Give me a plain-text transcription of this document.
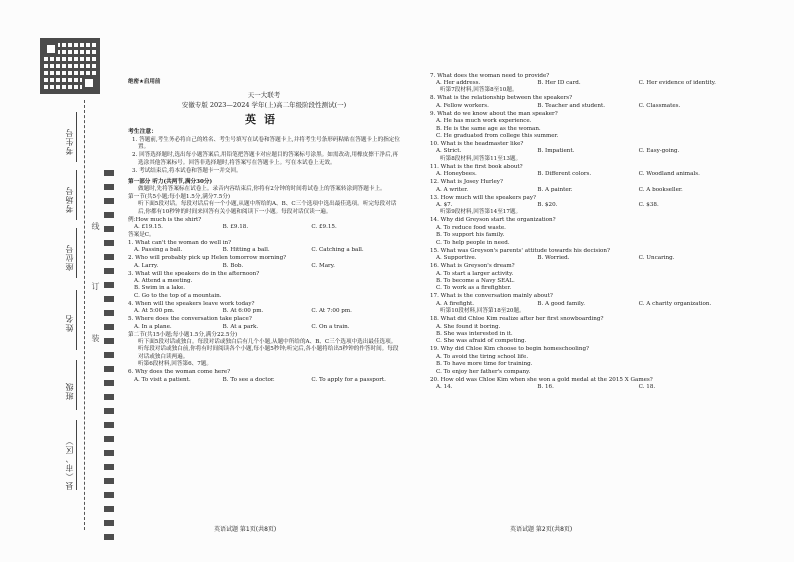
考生号
考场号
座位号
姓名
班级
县（市、区）
线
订
装
绝密★启用前
天一大联考
安徽专版 2023—2024 学年(上)高二年级阶段性测试(一)
英语
考生注意：
1. 答题前,考生务必将自己的姓名、考生号填写在试卷和答题卡上,并将考生号条形码粘贴在答题卡上的指定位置。
2. 回答选择题时,选出每小题答案后,用铅笔把答题卡对应题目的答案标号涂黑。如需改动,用橡皮擦干净后,再选涂其他答案标号。回答非选择题时,将答案写在答题卡上。写在本试卷上无效。
3. 考试结束后,将本试卷和答题卡一并交回。
第一部分 听力(共两节,满分30分)
做题时,先将答案标在试卷上。录音内容结束后,你将有2分钟的时间将试卷上的答案转涂到答题卡上。
第一节(共5小题;每小题1.5分,满分7.5分)
听下面5段对话。每段对话后有一个小题,从题中所给的A、B、C三个选项中选出最佳选项。听完每段对话后,你都有10秒钟的时间来回答有关小题和阅读下一小题。每段对话仅读一遍。
例:How much is the shirt?
A. £19.15.	B. £9.18.	C. £9.15.
答案是C。
1. What can't the woman do well in?
A. Passing a ball.	B. Hitting a ball.	C. Catching a ball.
2. Who will probably pick up Helen tomorrow morning?
A. Larry.	B. Bob.	C. Mary.
3. What will the speakers do in the afternoon?
A. Attend a meeting.
B. Swim in a lake.
C. Go to the top of a mountain.
4. When will the speakers leave work today?
A. At 5:00 pm.	B. At 6:00 pm.	C. At 7:00 pm.
5. Where does the conversation take place?
A. In a plane.	B. At a park.	C. On a train.
第二节(共15小题;每小题1.5分,满分22.5分)
听下面5段对话或独白。每段对话或独白后有几个小题,从题中所给的A、B、C三个选项中选出最佳选项。听每段对话或独白前,你将有时间阅读各个小题,每小题5秒钟;听完后,各小题将给出5秒钟的作答时间。每段对话或独白读两遍。
听第6段材料,回答第6、7题。
6. Why does the woman come here?
A. To visit a patient.	B. To see a doctor.	C. To apply for a passport.
7. What does the woman need to provide?
A. Her address.	B. Her ID card.	C. Her evidence of identity.
听第7段材料,回答第8至10题。
8. What is the relationship between the speakers?
A. Fellow workers.	B. Teacher and student.	C. Classmates.
9. What do we know about the man speaker?
A. He has much work experience.
B. He is the same age as the woman.
C. He graduated from college this summer.
10. What is the headmaster like?
A. Strict.	B. Impatient.	C. Easy-going.
听第8段材料,回答第11至13题。
11. What is the first book about?
A. Honeybees.	B. Different colors.	C. Woodland animals.
12. What is Josey Hurley?
A. A writer.	B. A painter.	C. A bookseller.
13. How much will the speakers pay?
A. $7.	B. $20.	C. $38.
听第9段材料,回答第14至17题。
14. Why did Greyson start the organization?
A. To reduce food waste.
B. To support his family.
C. To help people in need.
15. What was Greyson's parents' attitude towards his decision?
A. Supportive.	B. Worried.	C. Uncaring.
16. What is Greyson's dream?
A. To start a larger activity.
B. To become a Navy SEAL.
C. To work as a firefighter.
17. What is the conversation mainly about?
A. A firefight.	B. A good family.	C. A charity organization.
听第10段材料,回答第18至20题。
18. What did Chloe Kim realize after her first snowboarding?
A. She found it boring.
B. She was interested in it.
C. She was afraid of competing.
19. Why did Chloe Kim choose to begin homeschooling?
A. To avoid the tiring school life.
B. To have more time for training.
C. To enjoy her father's company.
20. How old was Chloe Kim when she won a gold medal at the 2015 X Games?
A. 14.	B. 16.	C. 18.
英语试题 第1页(共8页)	英语试题 第2页(共8页)
